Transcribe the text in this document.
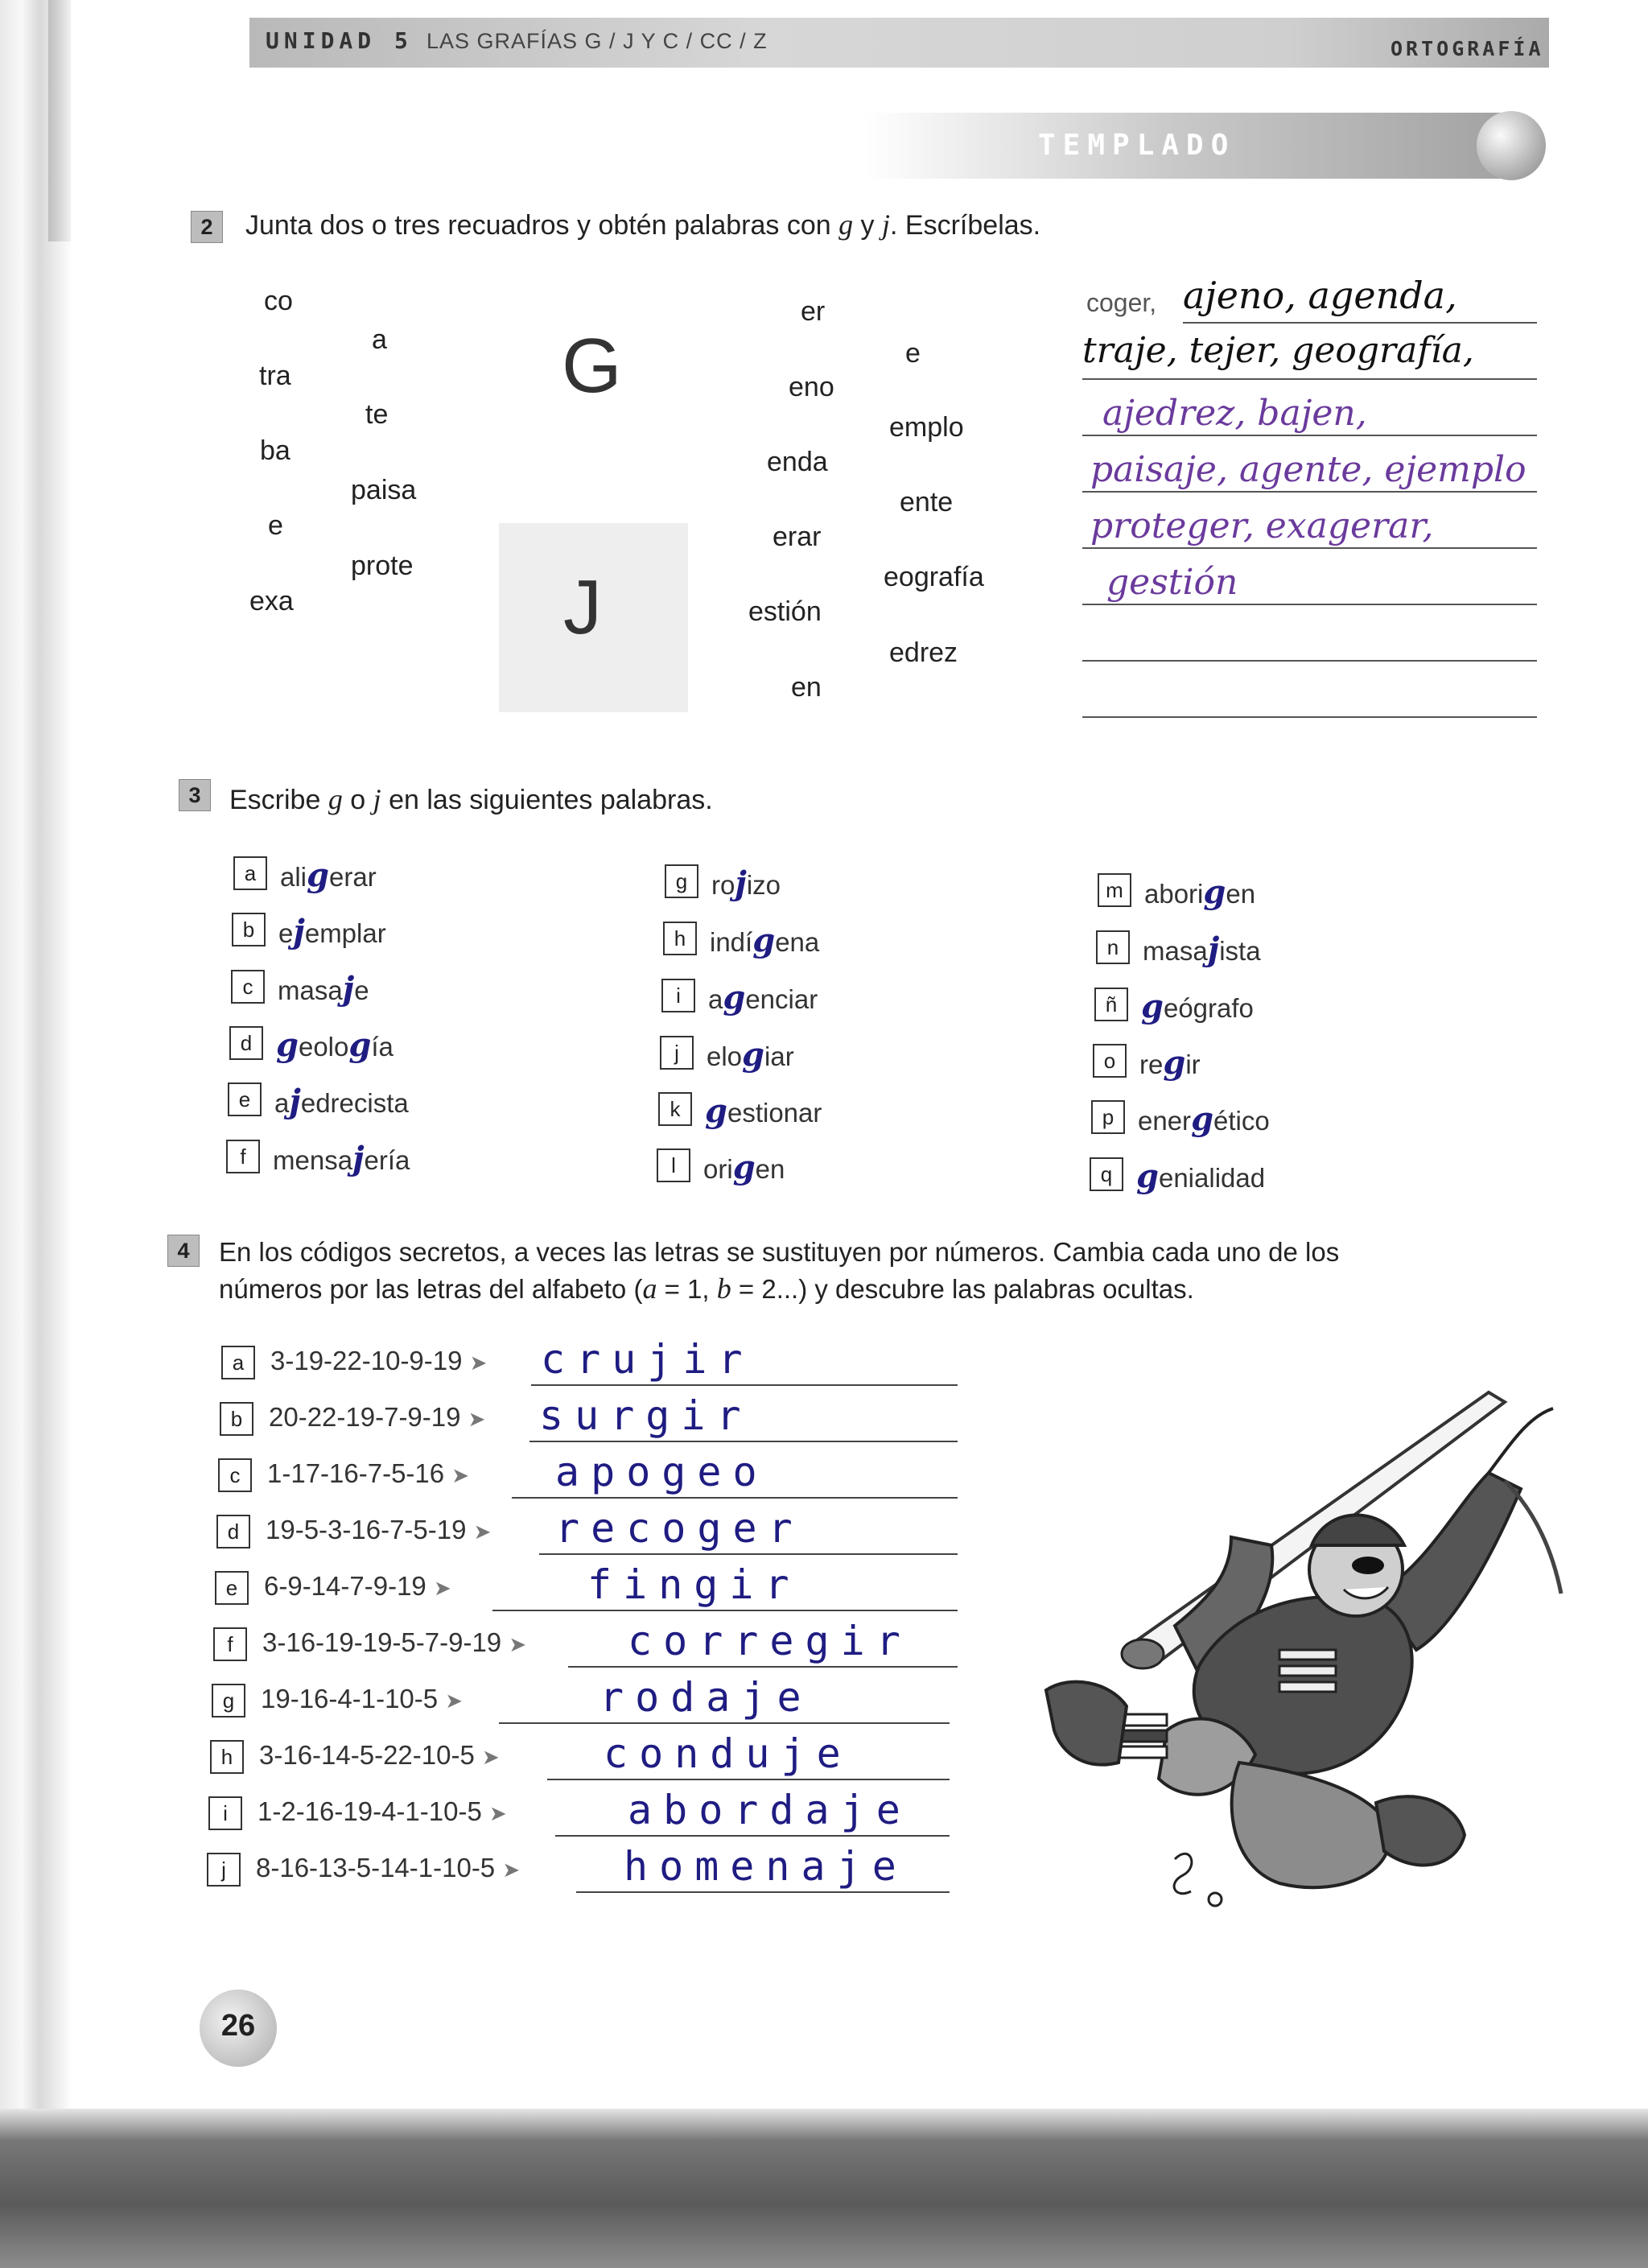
UNIDAD 5 LAS GRAFÍAS G / J Y C / CC / Z	ORTOGRAFÍA
TEMPLADO
2	Junta dos o tres recuadros y obtén palabras con g y j. Escríbelas.
co
tra
ba
e
exa
a
te
paisa
prote
G
J
er
eno
enda
erar
estión
en
e
emplo
ente
eografía
edrez
coger, ajeno, agenda,
traje, tejer, geografía,
ajedrez, bajen,
paisaje, agente, ejemplo
proteger, exagerar,
gestión
3	Escribe g o j en las siguientes palabras.
a aligerar
b ejemplar
c masaje
d geología
e ajedrecista
f	mensajería
g rojizo
h indígena
i	agenciar
j	elogiar
k gestionar
l	origen
m aborigen
n masajista
ñ geógrafo
o regir
p energético
q genialidad
4	En los códigos secretos, a veces las letras se sustituyen por números. Cambia cada uno de los
números por las letras del alfabeto (a = 1, b = 2...) y descubre las palabras ocultas.
a 3-19-22-10-9-19 ➤ crujir
b 20-22-19-7-9-19 ➤ surgir
c	1-17-16-7-5-16 ➤ apogeo
d 19-5-3-16-7-5-19 ➤ recoger
e 6-9-14-7-9-19 ➤	fingir
f	3-16-19-19-5-7-9-19 ➤	corregir
g 19-16-4-1-10-5 ➤	rodaje
h 3-16-14-5-22-10-5 ➤	conduje
i	1-2-16-19-4-1-10-5 ➤	abordaje
j	8-16-13-5-14-1-10-5 ➤	homenaje
26
